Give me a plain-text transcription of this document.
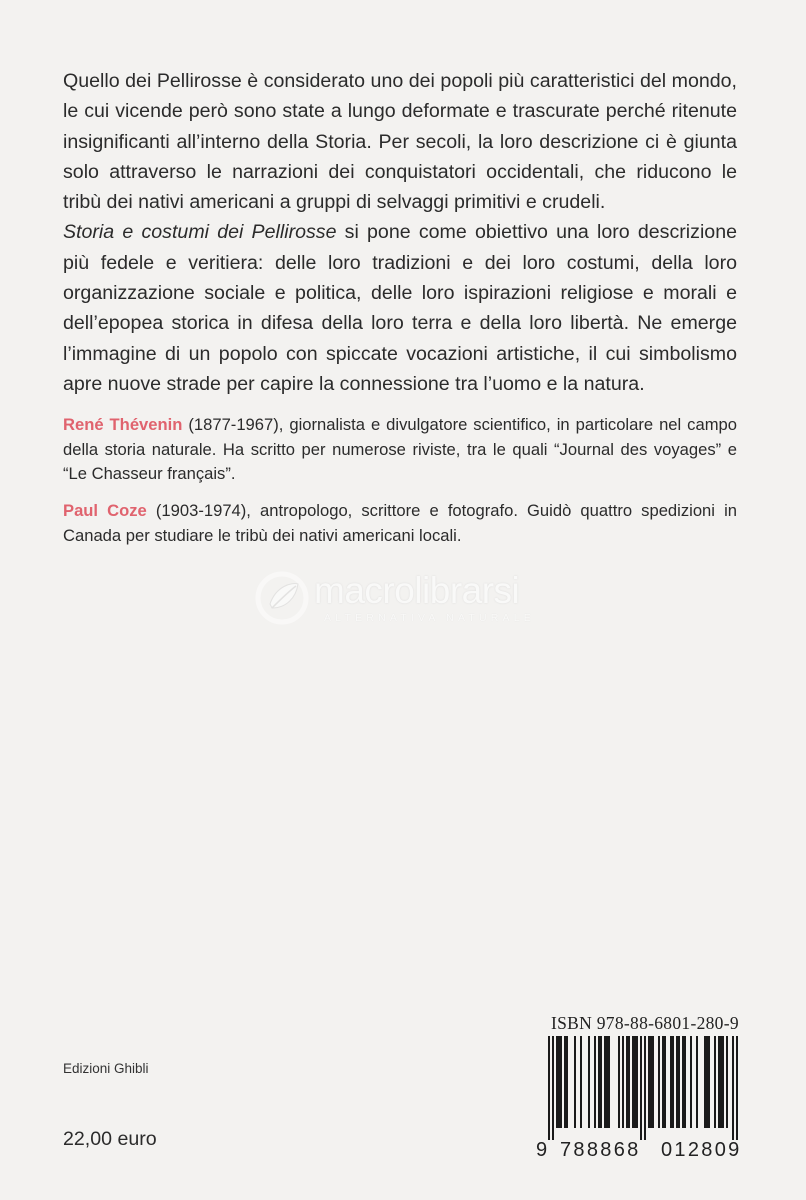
Quello dei Pellirosse è considerato uno dei popoli più caratteristici del mondo, le cui vicende però sono state a lungo deformate e trascurate perché ritenute insignificanti all’interno della Storia. Per secoli, la loro descrizione ci è giunta solo attraverso le narrazioni dei conquistatori occidentali, che riducono le tribù dei nativi americani a gruppi di selvaggi primitivi e crudeli.

Storia e costumi dei Pellirosse si pone come obiettivo una loro descrizione più fedele e veritiera: delle loro tradizioni e dei loro costumi, della loro organizzazione sociale e politica, delle loro ispirazioni religiose e morali e dell’epopea storica in difesa della loro terra e della loro libertà. Ne emerge l’immagine di un popolo con spiccate vocazioni artistiche, il cui simbolismo apre nuove strade per capire la connessione tra l’uomo e la natura.

René Thévenin (1877-1967), giornalista e divulgatore scientifico, in particolare nel campo della storia naturale. Ha scritto per numerose riviste, tra le quali “Journal des voyages” e “Le Chasseur français”.

Paul Coze (1903-1974), antropologo, scrittore e fotografo. Guidò quattro spedizioni in Canada per studiare le tribù dei nativi americani locali.

macrolibrarsi
ALTERNATIVA NATURALE
Edizioni Ghibli
22,00 euro
ISBN 978-88-6801-280-9
9 788868 012809
